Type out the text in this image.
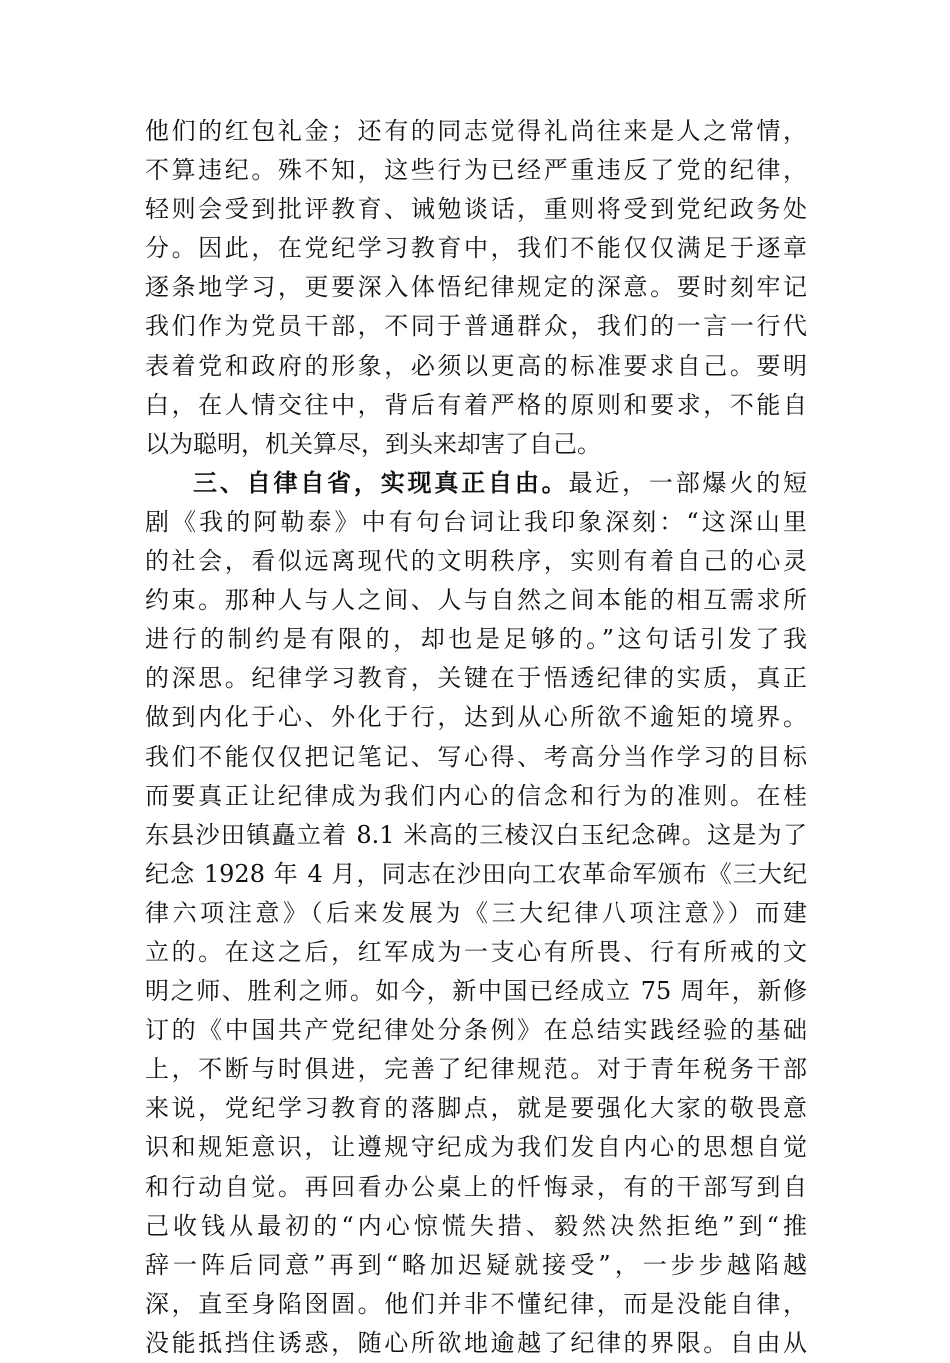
他们的红包礼金；还有的同志觉得礼尚往来是人之常情，
不算违纪。殊不知，这些行为已经严重违反了党的纪律，
轻则会受到批评教育、诫勉谈话，重则将受到党纪政务处
分。因此，在党纪学习教育中，我们不能仅仅满足于逐章
逐条地学习，更要深入体悟纪律规定的深意。要时刻牢记
我们作为党员干部，不同于普通群众，我们的一言一行代
表着党和政府的形象，必须以更高的标准要求自己。要明
白，在人情交往中，背后有着严格的原则和要求，不能自
以为聪明，机关算尽，到头来却害了自己。
三、自律自省，实现真正自由。最近，一部爆火的短
剧《我的阿勒泰》中有句台词让我印象深刻：“这深山里
的社会，看似远离现代的文明秩序，实则有着自己的心灵
约束。那种人与人之间、人与自然之间本能的相互需求所
进行的制约是有限的，却也是足够的。”这句话引发了我
的深思。纪律学习教育，关键在于悟透纪律的实质，真正
做到内化于心、外化于行，达到从心所欲不逾矩的境界。
我们不能仅仅把记笔记、写心得、考高分当作学习的目标
而要真正让纪律成为我们内心的信念和行为的准则。在桂
东县沙田镇矗立着 8.1 米高的三棱汉白玉纪念碑。这是为了
纪念 1928 年 4 月，同志在沙田向工农革命军颁布《三大纪
律六项注意》（后来发展为《三大纪律八项注意》）而建
立的。在这之后，红军成为一支心有所畏、行有所戒的文
明之师、胜利之师。如今，新中国已经成立 75 周年，新修
订的《中国共产党纪律处分条例》在总结实践经验的基础
上，不断与时俱进，完善了纪律规范。对于青年税务干部
来说，党纪学习教育的落脚点，就是要强化大家的敬畏意
识和规矩意识，让遵规守纪成为我们发自内心的思想自觉
和行动自觉。再回看办公桌上的忏悔录，有的干部写到自
己收钱从最初的“内心惊慌失措、毅然决然拒绝”到“推
辞一阵后同意”再到“略加迟疑就接受”，一步步越陷越
深，直至身陷囹圄。他们并非不懂纪律，而是没能自律，
没能抵挡住诱惑，随心所欲地逾越了纪律的界限。自由从
